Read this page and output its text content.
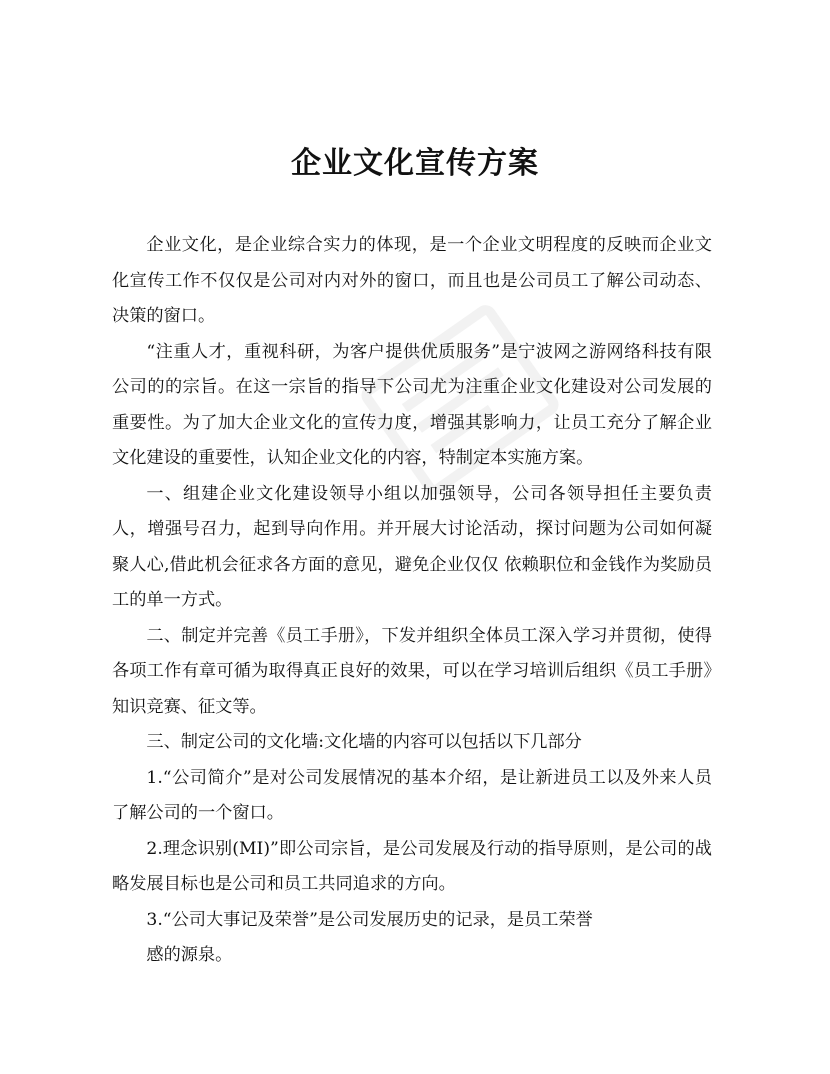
企业文化宣传方案

企业文化，是企业综合实力的体现，是一个企业文明程度的反映而企业文化宣传工作不仅仅是公司对内对外的窗口，而且也是公司员工了解公司动态、决策的窗口。

“注重人才，重视科研，为客户提供优质服务”是宁波网之游网络科技有限公司的的宗旨。在这一宗旨的指导下公司尤为注重企业文化建设对公司发展的重要性。为了加大企业文化的宣传力度，增强其影响力，让员工充分了解企业文化建设的重要性，认知企业文化的内容，特制定本实施方案。

一、组建企业文化建设领导小组以加强领导，公司各领导担任主要负责人，增强号召力，起到导向作用。并开展大讨论活动，探讨问题为公司如何凝聚人心,借此机会征求各方面的意见，避免企业仅仅 依赖职位和金钱作为奖励员工的单一方式。

二、制定并完善《员工手册》，下发并组织全体员工深入学习并贯彻，使得各项工作有章可循为取得真正良好的效果，可以在学习培训后组织《员工手册》知识竞赛、征文等。

三、制定公司的文化墙:文化墙的内容可以包括以下几部分

1.“公司简介”是对公司发展情况的基本介绍，是让新进员工以及外来人员了解公司的一个窗口。

2.理念识别(MI)”即公司宗旨，是公司发展及行动的指导原则，是公司的战略发展目标也是公司和员工共同追求的方向。

3.“公司大事记及荣誉”是公司发展历史的记录，是员工荣誉

感的源泉。
